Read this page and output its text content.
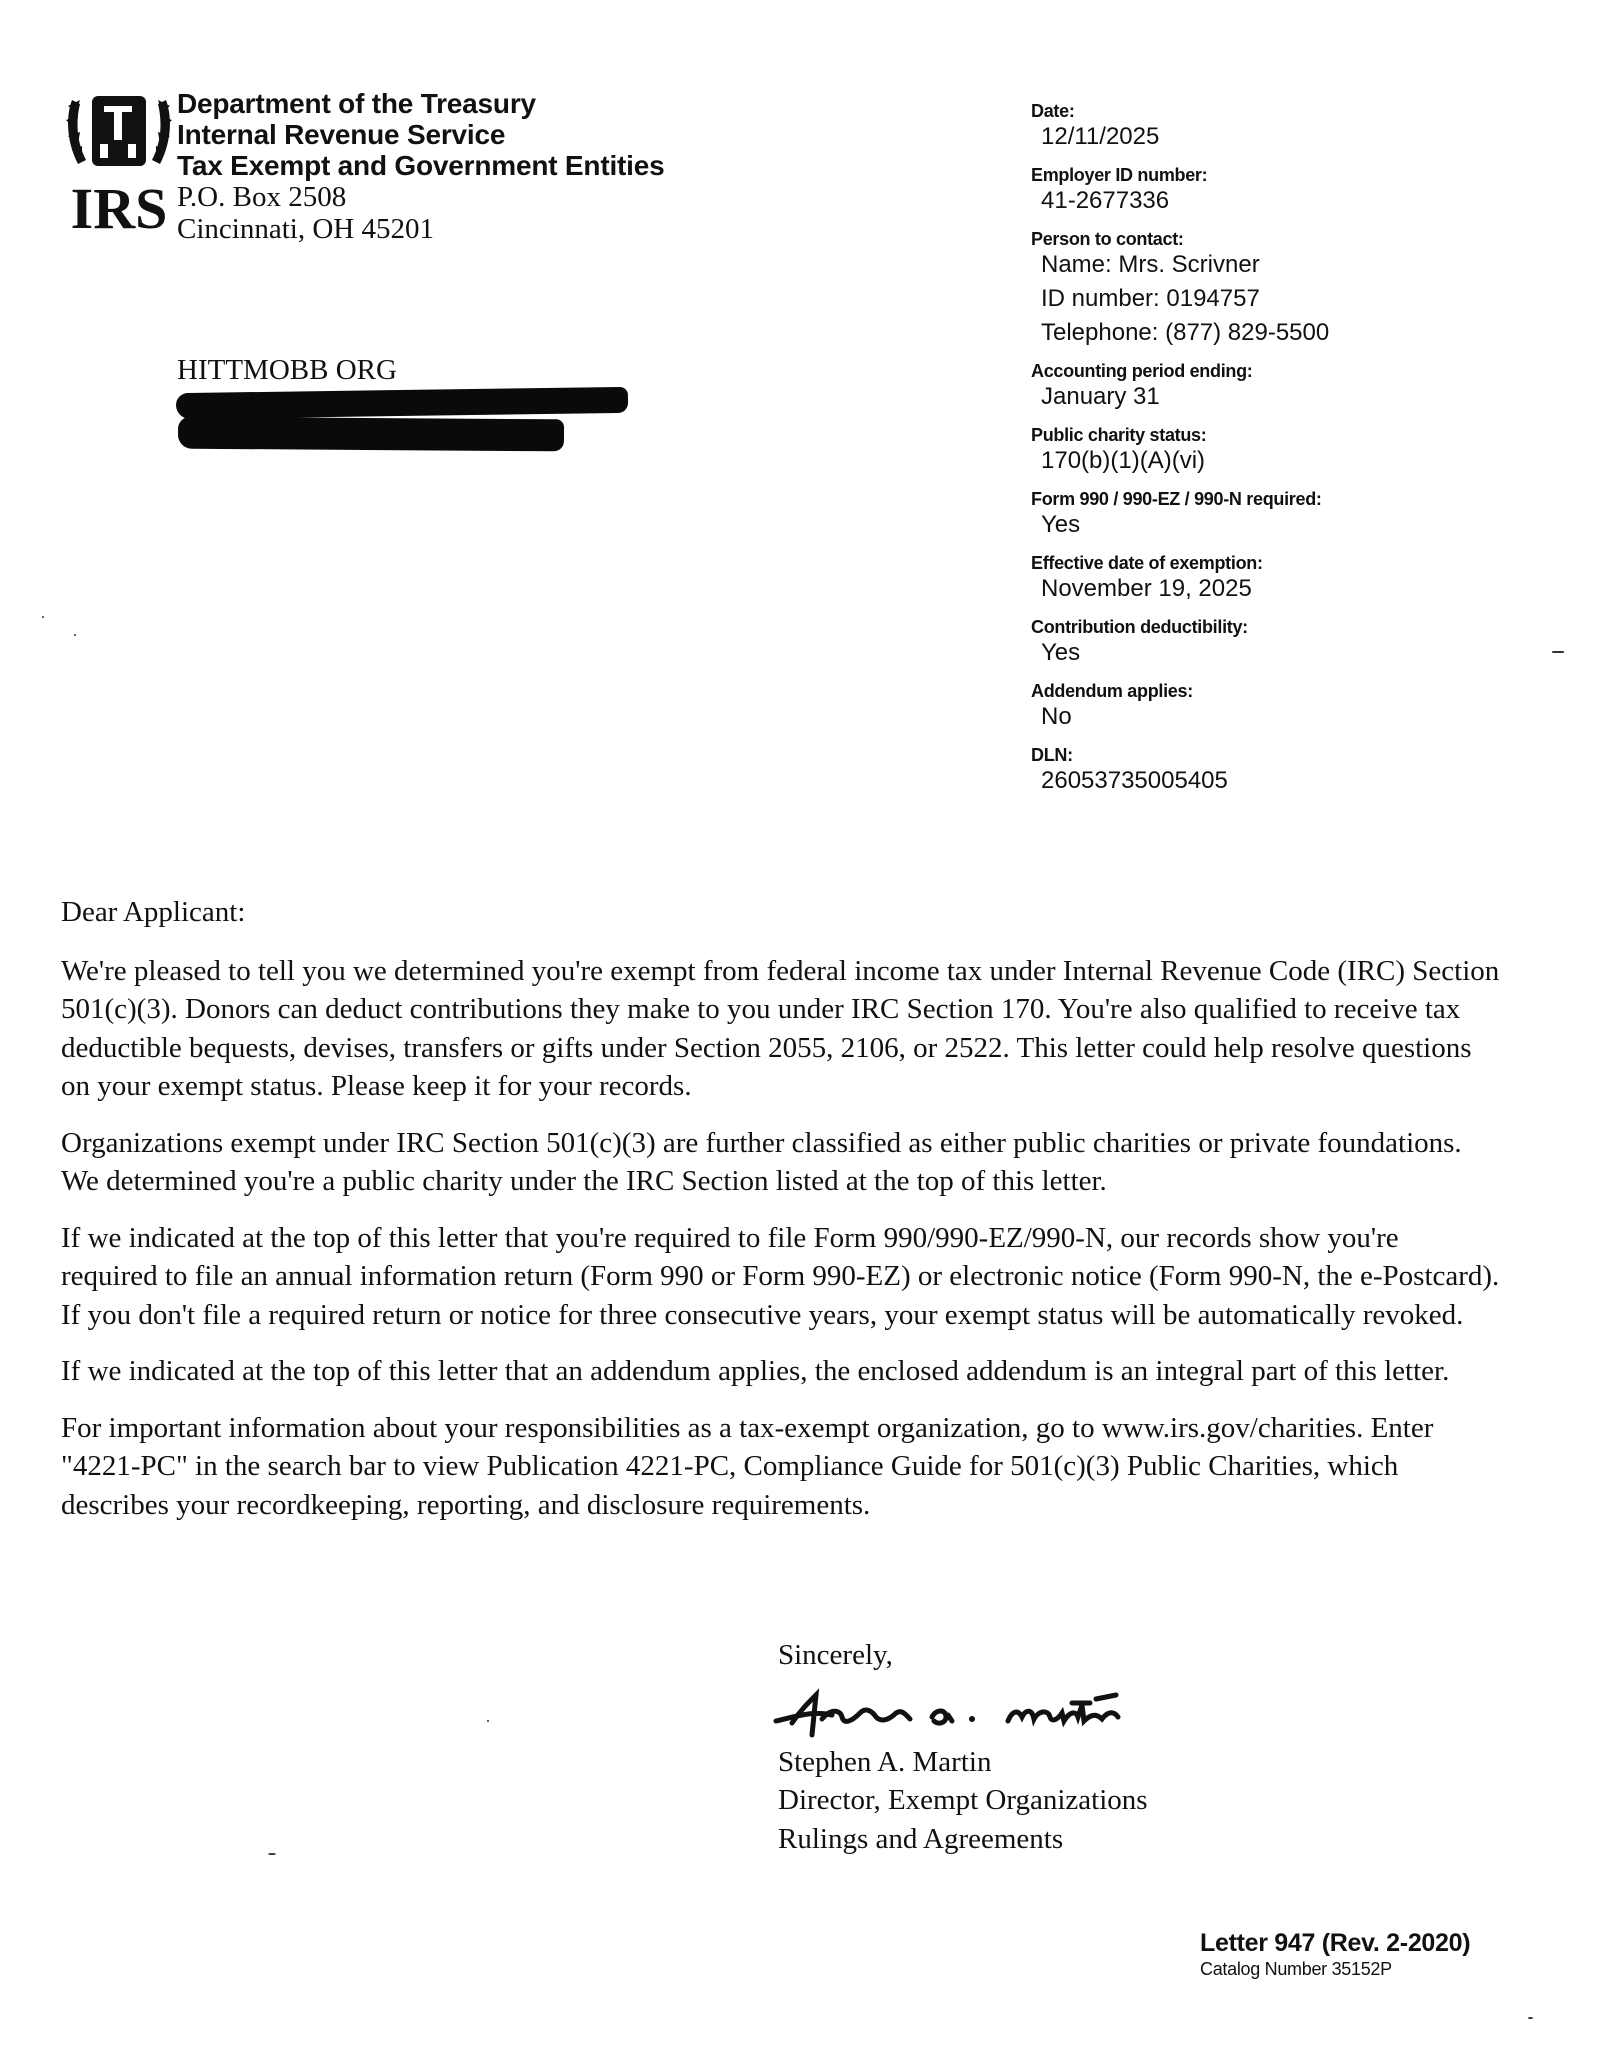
IRS
Department of the Treasury
Internal Revenue Service
Tax Exempt and Government Entities
P.O. Box 2508
Cincinnati, OH 45201
HITTMOBB ORG
Date:
12/11/2025
Employer ID number:
41-2677336
Person to contact:
Name: Mrs. Scrivner
ID number: 0194757
Telephone: (877) 829-5500
Accounting period ending:
January 31
Public charity status:
170(b)(1)(A)(vi)
Form 990 / 990-EZ / 990-N required:
Yes
Effective date of exemption:
November 19, 2025
Contribution deductibility:
Yes
Addendum applies:
No
DLN:
26053735005405

Dear Applicant:

We're pleased to tell you we determined you're exempt from federal income tax under Internal Revenue Code (IRC) Section 501(c)(3). Donors can deduct contributions they make to you under IRC Section 170. You're also qualified to receive tax deductible bequests, devises, transfers or gifts under Section 2055, 2106, or 2522. This letter could help resolve questions on your exempt status. Please keep it for your records.

Organizations exempt under IRC Section 501(c)(3) are further classified as either public charities or private foundations. We determined you're a public charity under the IRC Section listed at the top of this letter.

If we indicated at the top of this letter that you're required to file Form 990/990-EZ/990-N, our records show you're required to file an annual information return (Form 990 or Form 990-EZ) or electronic notice (Form 990-N, the e-Postcard). If you don't file a required return or notice for three consecutive years, your exempt status will be automatically revoked.

If we indicated at the top of this letter that an addendum applies, the enclosed addendum is an integral part of this letter.

For important information about your responsibilities as a tax-exempt organization, go to www.irs.gov/charities. Enter "4221-PC" in the search bar to view Publication 4221-PC, Compliance Guide for 501(c)(3) Public Charities, which describes your recordkeeping, reporting, and disclosure requirements.

Sincerely,
Stephen A. Martin
Director, Exempt Organizations
Rulings and Agreements
Letter 947 (Rev. 2-2020)
Catalog Number 35152P
